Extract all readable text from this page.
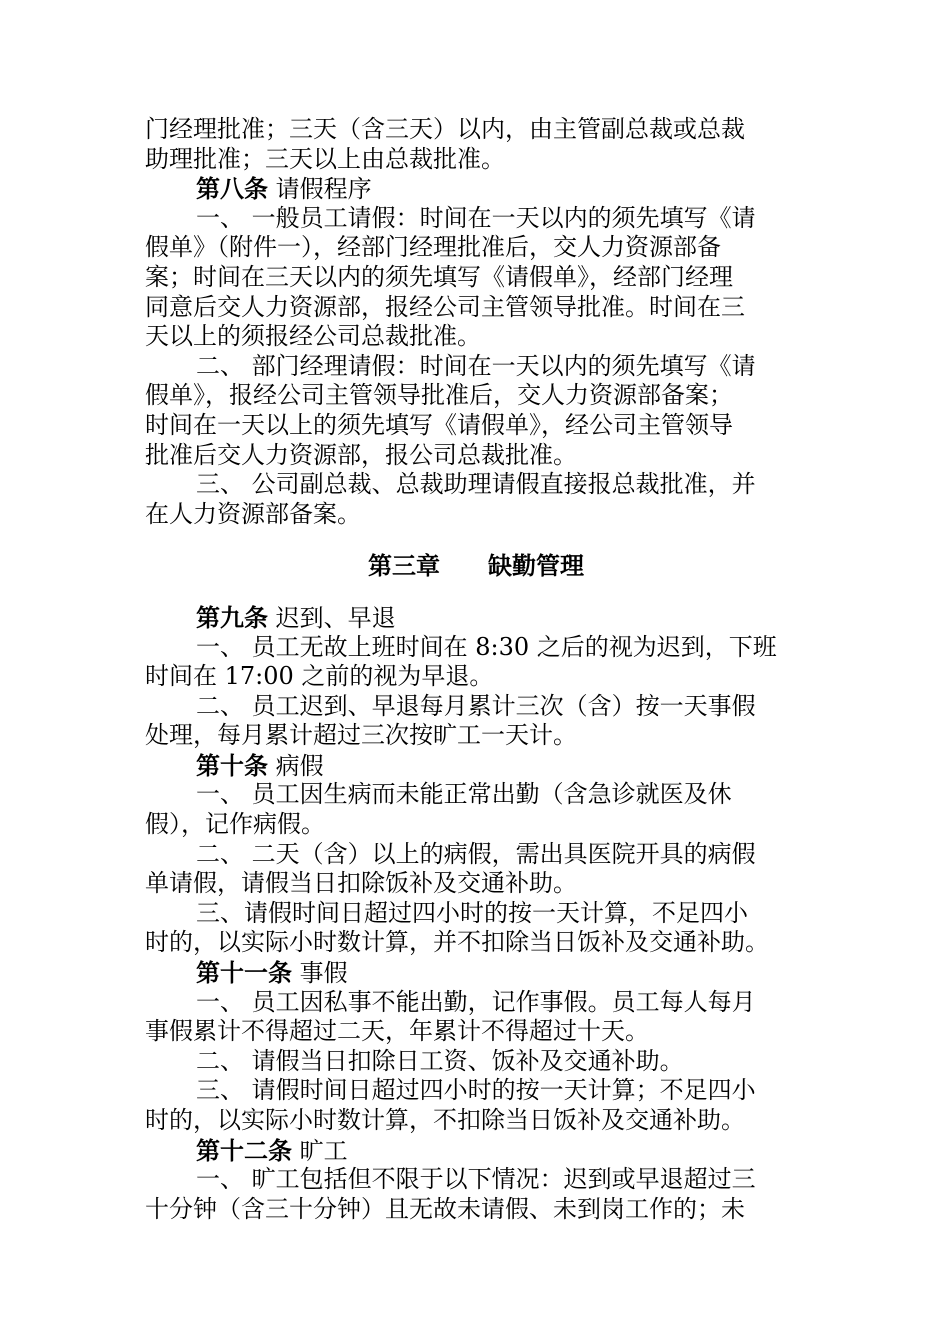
门经理批准；三天（含三天）以内，由主管副总裁或总裁
助理批准；三天以上由总裁批准。
第八条 请假程序
一、 一般员工请假：时间在一天以内的须先填写《请
假单》（附件一），经部门经理批准后，交人力资源部备
案；时间在三天以内的须先填写《请假单》，经部门经理
同意后交人力资源部，报经公司主管领导批准。时间在三
天以上的须报经公司总裁批准。
二、 部门经理请假：时间在一天以内的须先填写《请
假单》，报经公司主管领导批准后，交人力资源部备案；
时间在一天以上的须先填写《请假单》，经公司主管领导
批准后交人力资源部，报公司总裁批准。
三、 公司副总裁、总裁助理请假直接报总裁批准，并
在人力资源部备案。
第三章 缺勤管理
第九条 迟到、早退
一、 员工无故上班时间在 8:30 之后的视为迟到，下班
时间在 17:00 之前的视为早退。
二、 员工迟到、早退每月累计三次（含）按一天事假
处理，每月累计超过三次按旷工一天计。
第十条 病假
一、 员工因生病而未能正常出勤（含急诊就医及休
假），记作病假。
二、 二天（含）以上的病假，需出具医院开具的病假
单请假，请假当日扣除饭补及交通补助。
三、请假时间日超过四小时的按一天计算，不足四小
时的，以实际小时数计算，并不扣除当日饭补及交通补助。
第十一条 事假
一、 员工因私事不能出勤，记作事假。员工每人每月
事假累计不得超过二天，年累计不得超过十天。
二、 请假当日扣除日工资、饭补及交通补助。
三、 请假时间日超过四小时的按一天计算；不足四小
时的，以实际小时数计算，不扣除当日饭补及交通补助。
第十二条 旷工
一、 旷工包括但不限于以下情况：迟到或早退超过三
十分钟（含三十分钟）且无故未请假、未到岗工作的；未
